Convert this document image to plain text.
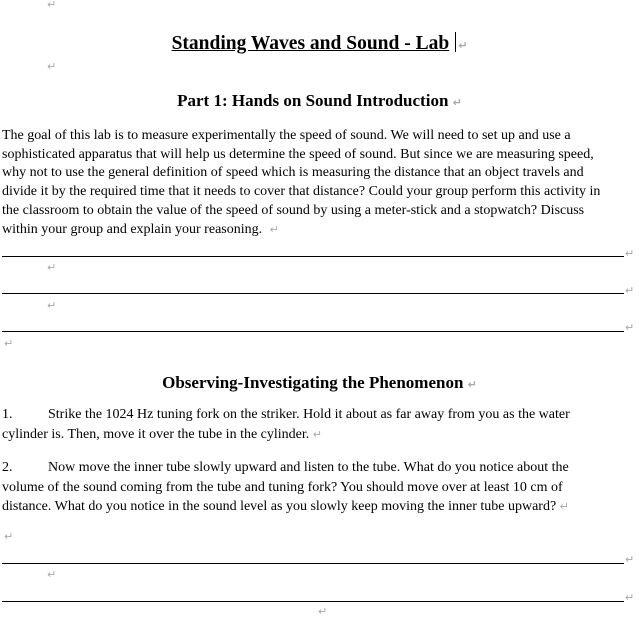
↵
Standing Waves and Sound - Lab ↵
↵
Part 1: Hands on Sound Introduction ↵
The goal of this lab is to measure experimentally the speed of sound. We will need to set up and use a sophisticated apparatus that will help us determine the speed of sound. But since we are measuring speed, why not to use the general definition of speed which is measuring the distance that an object travels and divide it by the required time that it needs to cover that distance? Could your group perform this activity in the classroom to obtain the value of the speed of sound by using a meter-stick and a stopwatch? Discuss within your group and explain your reasoning. ↵
↵
↵
↵
↵
↵
↵
Observing-Investigating the Phenomenon ↵
1.	Strike the 1024 Hz tuning fork on the striker. Hold it about as far away from you as the water cylinder is. Then, move it over the tube in the cylinder. ↵
2.	Now move the inner tube slowly upward and listen to the tube. What do you notice about the volume of the sound coming from the tube and tuning fork? You should move over at least 10 cm of distance. What do you notice in the sound level as you slowly keep moving the inner tube upward? ↵
↵
↵
↵
↵
↵
